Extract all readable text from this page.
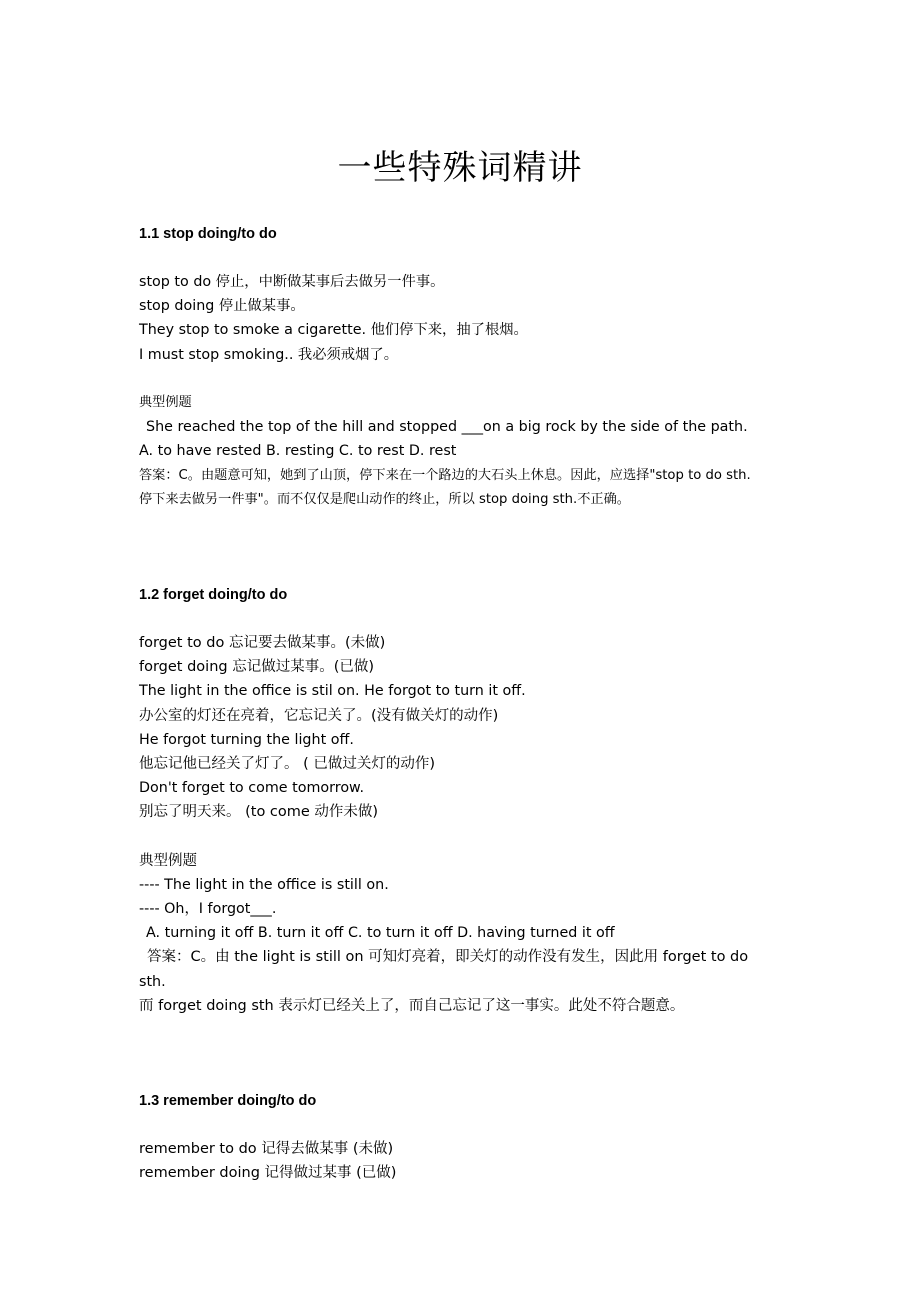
一些特殊词精讲
1.1 stop doing/to do
stop to do 停止，中断做某事后去做另一件事。
stop doing 停止做某事。
They stop to smoke a cigarette. 他们停下来，抽了根烟。
I must stop smoking.. 我必须戒烟了。
典型例题
She reached the top of the hill and stopped ___on a big rock by the side of the path.
A. to have rested B. resting C. to rest D. rest
答案：C。由题意可知，她到了山顶，停下来在一个路边的大石头上休息。因此，应选择"stop to do sth.
停下来去做另一件事"。而不仅仅是爬山动作的终止，所以 stop doing sth.不正确。
1.2 forget doing/to do
forget to do 忘记要去做某事。(未做)
forget doing 忘记做过某事。(已做)
The light in the office is stil on. He forgot to turn it off.
办公室的灯还在亮着，它忘记关了。(没有做关灯的动作)
He forgot turning the light off.
他忘记他已经关了灯了。 ( 已做过关灯的动作)
Don't forget to come tomorrow.
别忘了明天来。 (to come 动作未做)
典型例题
---- The light in the office is still on.
---- Oh，I forgot___.
A. turning it off B. turn it off C. to turn it off D. having turned it off
答案：C。由 the light is still on 可知灯亮着，即关灯的动作没有发生，因此用 forget to do
sth.
而 forget doing sth 表示灯已经关上了，而自己忘记了这一事实。此处不符合题意。
1.3 remember doing/to do
remember to do 记得去做某事 (未做)
remember doing 记得做过某事 (已做)
